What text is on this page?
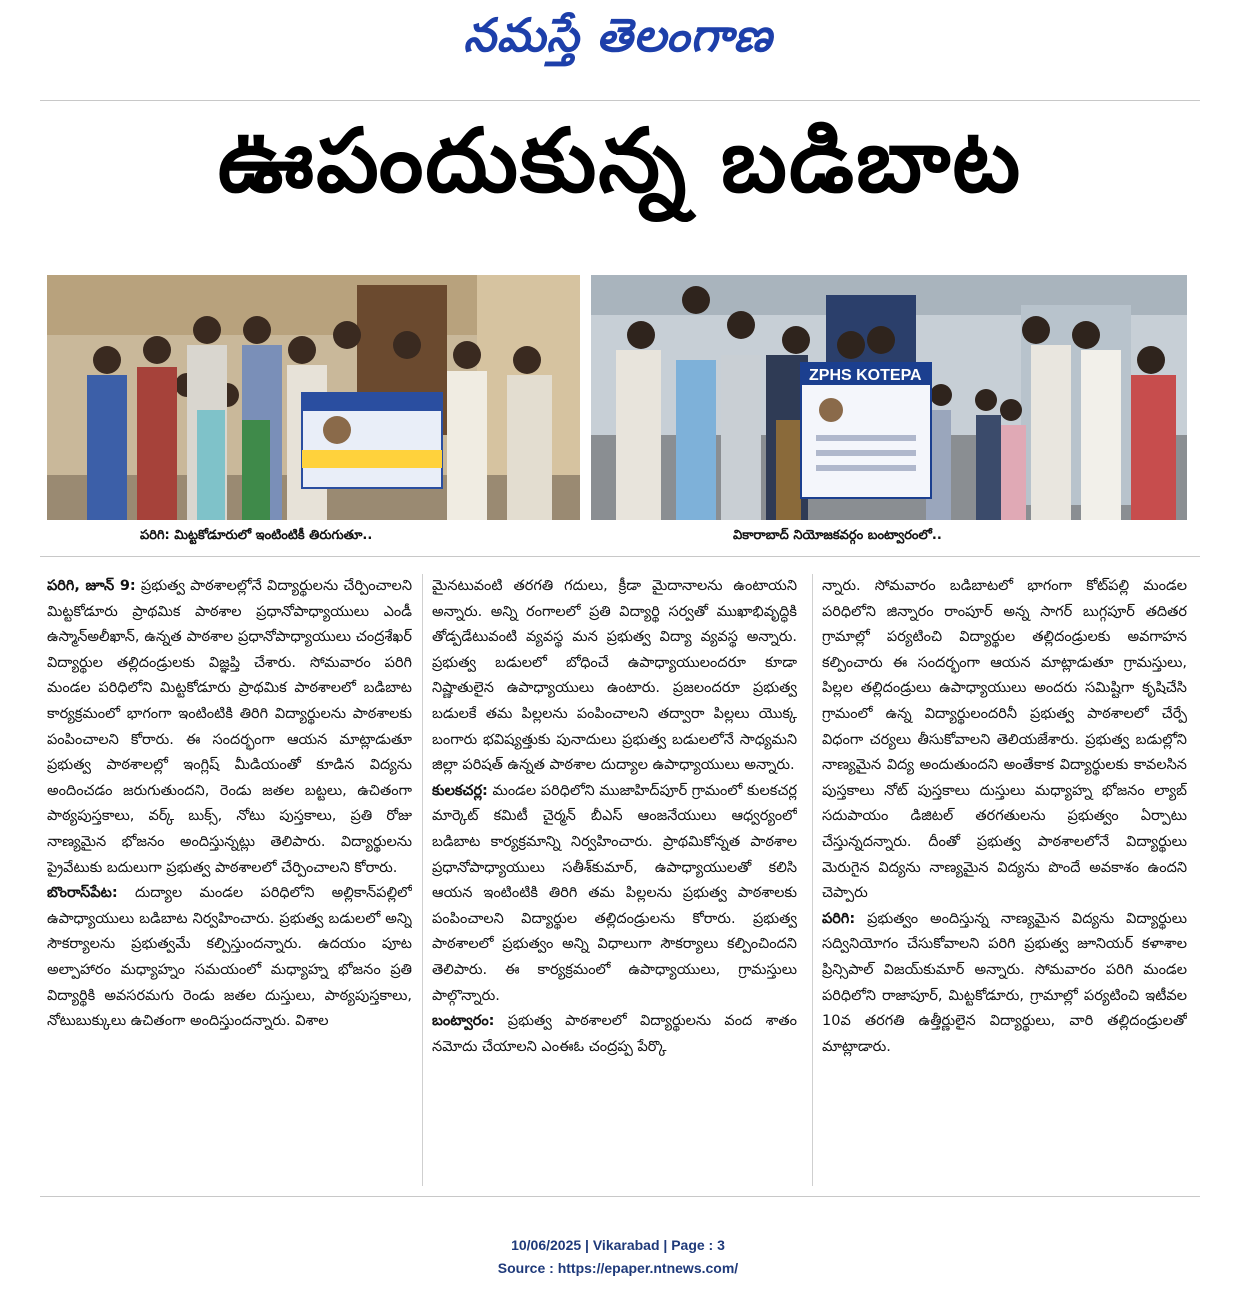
నమస్తే తెలంగాణ
ఊపందుకున్న బడిబాట
ZPHS KOTEPA
పరిగి: మిట్టకోడూరులో ఇంటింటికీ తిరుగుతూ..	వికారాబాద్ నియోజకవర్గం బంట్వారంలో..

పరిగి, జూన్ 9: ప్రభుత్వ పాఠశాలల్లోనే విద్యార్థులను చేర్పించాలని మిట్టకోడూరు ప్రాథమిక పాఠశాల ప్రధానోపాధ్యాయులు ఎండీ ఉస్మాన్‌అలీఖాన్, ఉన్నత పాఠశాల ప్రధానోపాధ్యాయులు చంద్రశేఖర్ విద్యార్థుల తల్లిదండ్రులకు విజ్ఞప్తి చేశారు. సోమవారం పరిగి మండల పరిధిలోని మిట్టకోడూరు ప్రాథమిక పాఠశాలలో బడిబాట కార్యక్రమంలో భాగంగా ఇంటింటికి తిరిగి విద్యార్థులను పాఠశాలకు పంపించాలని కోరారు. ఈ సందర్భంగా ఆయన మాట్లాడుతూ ప్రభుత్వ పాఠశాలల్లో ఇంగ్లిష్ మీడియంతో కూడిన విద్యను అందించడం జరుగుతుందని, రెండు జతల బట్టలు, ఉచితంగా పాఠ్యపుస్తకాలు, వర్క్ బుక్స్, నోటు పుస్తకాలు, ప్రతి రోజు నాణ్యమైన భోజనం అందిస్తున్నట్లు తెలిపారు. విద్యార్థులను ప్రైవేటుకు బదులుగా ప్రభుత్వ పాఠశాలలో చేర్పించాలని కోరారు.

బొంరాస్‌పేట: దుద్యాల మండల పరిధిలోని అల్లికాన్‌పల్లిలో ఉపాధ్యాయులు బడిబాట నిర్వహించారు. ప్రభుత్వ బడులలో అన్ని సౌకర్యాలను ప్రభుత్వమే కల్పిస్తుందన్నారు. ఉదయం పూట అల్పాహారం మధ్యాహ్నం సమయంలో మధ్యాహ్న భోజనం ప్రతి విద్యార్థికి అవసరమగు రెండు జతల దుస్తులు, పాఠ్యపుస్తకాలు, నోటుబుక్కులు ఉచితంగా అందిస్తుందన్నారు. విశాల

మైనటువంటి తరగతి గదులు, క్రీడా మైదానాలను ఉంటాయని అన్నారు. అన్ని రంగాలలో ప్రతి విద్యార్థి సర్వతో ముఖాభివృద్ధికి తోడ్పడేటువంటి వ్యవస్థ మన ప్రభుత్వ విద్యా వ్యవస్థ అన్నారు. ప్రభుత్వ బడులలో బోధించే ఉపాధ్యాయులందరూ కూడా నిష్ణాతులైన ఉపాధ్యాయులు ఉంటారు. ప్రజలందరూ ప్రభుత్వ బడులకే తమ పిల్లలను పంపించాలని తద్వారా పిల్లలు యొక్క బంగారు భవిష్యత్తుకు పునాదులు ప్రభుత్వ బడులలోనే సాధ్యమని జిల్లా పరిషత్ ఉన్నత పాఠశాల దుద్యాల ఉపాధ్యాయులు అన్నారు.

కులకచర్ల: మండల పరిధిలోని ముజాహిద్‌పూర్ గ్రామంలో కులకచర్ల మార్కెట్ కమిటీ చైర్మన్ బీఎస్ ఆంజనేయులు ఆధ్వర్యంలో బడిబాట కార్యక్రమాన్ని నిర్వహించారు. ప్రాథమికోన్నత పాఠశాల ప్రధానోపాధ్యాయులు సతీశ్‌కుమార్, ఉపాధ్యాయులతో కలిసి ఆయన ఇంటింటికి తిరిగి తమ పిల్లలను ప్రభుత్వ పాఠశాలకు పంపించాలని విద్యార్థుల తల్లిదండ్రులను కోరారు. ప్రభుత్వ పాఠశాలలో ప్రభుత్వం అన్ని విధాలుగా సౌకర్యాలు కల్పించిందని తెలిపారు. ఈ కార్యక్రమంలో ఉపాధ్యాయులు, గ్రామస్తులు పాల్గొన్నారు.

బంట్వారం: ప్రభుత్వ పాఠశాలలో విద్యార్థులను వంద శాతం నమోదు చేయాలని ఎంఈఓ చంద్రప్ప పేర్కొ

న్నారు. సోమవారం బడిబాటలో భాగంగా కోట్‌పల్లి మండల పరిధిలోని జిన్నారం రాంపూర్ అన్న సాగర్ బుగ్గపూర్ తదితర గ్రామాల్లో పర్యటించి విద్యార్థుల తల్లిదండ్రులకు అవగాహన కల్పించారు ఈ సందర్భంగా ఆయన మాట్లాడుతూ గ్రామస్తులు, పిల్లల తల్లిదండ్రులు ఉపాధ్యాయులు అందరు సమిష్టిగా కృషిచేసి గ్రామంలో ఉన్న విద్యార్థులందరినీ ప్రభుత్వ పాఠశాలలో చేర్పే విధంగా చర్యలు తీసుకోవాలని తెలియజేశారు. ప్రభుత్వ బడుల్లోని నాణ్యమైన విద్య అందుతుందని అంతేకాక విద్యార్థులకు కావలసిన పుస్తకాలు నోట్ పుస్తకాలు దుస్తులు మధ్యాహ్న భోజనం ల్యాబ్ సదుపాయం డిజిటల్ తరగతులను ప్రభుత్వం ఏర్పాటు చేస్తున్నదన్నారు. దీంతో ప్రభుత్వ పాఠశాలలోనే విద్యార్థులు మెరుగైన విద్యను నాణ్యమైన విద్యను పొందే అవకాశం ఉందని చెప్పారు

పరిగి: ప్రభుత్వం అందిస్తున్న నాణ్యమైన విద్యను విద్యార్థులు సద్వినియోగం చేసుకోవాలని పరిగి ప్రభుత్వ జూనియర్ కళాశాల ప్రిన్సిపాల్ విజయ్‌కుమార్ అన్నారు. సోమవారం పరిగి మండల పరిధిలోని రాజాపూర్, మిట్టకోడూరు, గ్రామాల్లో పర్యటించి ఇటీవల 10వ తరగతి ఉత్తీర్ణులైన విద్యార్థులు, వారి తల్లిదండ్రులతో మాట్లాడారు.

10/06/2025 | Vikarabad | Page : 3
Source : https://epaper.ntnews.com/
